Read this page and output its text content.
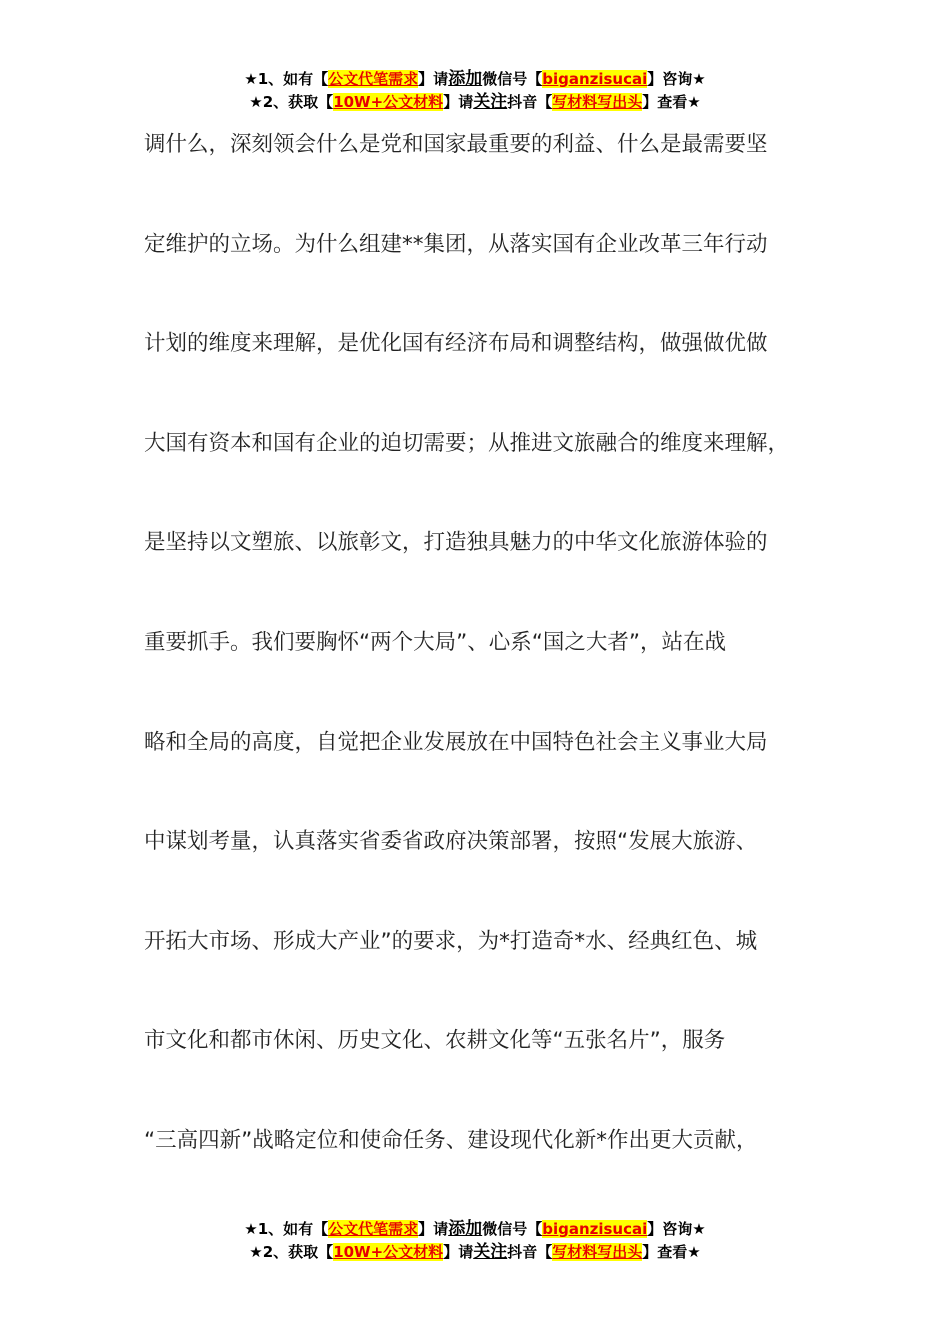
★1、如有【公文代笔需求】请添加微信号【biganzisucai】咨询★
★2、获取【10W+公文材料】请关注抖音【写材料写出头】查看★
调什么，深刻领会什么是党和国家最重要的利益、什么是最需要坚
定维护的立场。为什么组建**集团，从落实国有企业改革三年行动
计划的维度来理解，是优化国有经济布局和调整结构，做强做优做
大国有资本和国有企业的迫切需要；从推进文旅融合的维度来理解，
是坚持以文塑旅、以旅彰文，打造独具魅力的中华文化旅游体验的
重要抓手。我们要胸怀“两个大局”、心系“国之大者”，站在战
略和全局的高度，自觉把企业发展放在中国特色社会主义事业大局
中谋划考量，认真落实省委省政府决策部署，按照“发展大旅游、
开拓大市场、形成大产业”的要求，为*打造奇*水、经典红色、城
市文化和都市休闲、历史文化、农耕文化等“五张名片”，服务
“三高四新”战略定位和使命任务、建设现代化新*作出更大贡献，
★1、如有【公文代笔需求】请添加微信号【biganzisucai】咨询★
★2、获取【10W+公文材料】请关注抖音【写材料写出头】查看★
